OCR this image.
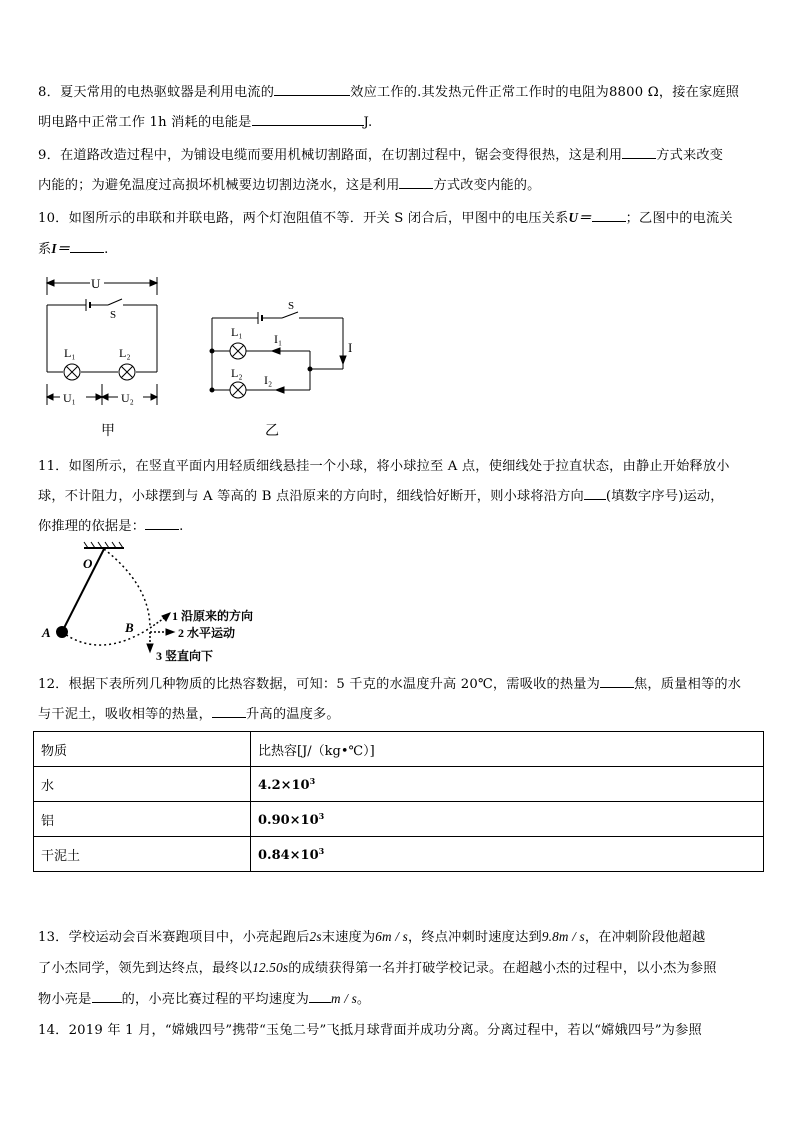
8．夏天常用的电热驱蚊器是利用电流的	效应工作的.其发热元件正常工作时的电阻为8800 Ω，接在家庭照
明电路中正常工作 1h 消耗的电能是	J.
9．在道路改造过程中，为铺设电缆而要用机械切割路面，在切割过程中，锯会变得很热，这是利用	方式来改变
内能的；为避免温度过高损坏机械要边切割边浇水，这是利用	方式改变内能的。
10．如图所示的串联和并联电路，两个灯泡阻值不等．开关 S 闭合后，甲图中的电压关系U＝	；乙图中的电流关
系I＝	.
U
S
L₁	L₂
U₁	U₂
甲
S
L₁
L₂
I₁
I₂
I
乙
11．如图所示，在竖直平面内用轻质细线悬挂一个小球，将小球拉至 A 点，使细线处于拉直状态，由静止开始释放小
球，不计阻力，小球摆到与 A 等高的 B 点沿原来的方向时，细线恰好断开，则小球将沿方向 (填数字序号)运动，
你推理的依据是：	.
O
A	B
1 沿原来的方向
2 水平运动
3 竖直向下
12．根据下表所列几种物质的比热容数据，可知：5 千克的水温度升高 20℃，需吸收的热量为	焦，质量相等的水
与干泥土，吸收相等的热量，	升高的温度多。
物质	比热容[J/（kg•℃）]
水	$4.2\times 10^3$
铝	$0.90\times 10^3$
干泥土	$0.84\times 10^3$
13．学校运动会百米赛跑项目中，小亮起跑后2s末速度为6m / s，终点冲刺时速度达到9.8m / s，在冲刺阶段他超越
了小杰同学，领先到达终点，最终以12.50s的成绩获得第一名并打破学校记录。在超越小杰的过程中，以小杰为参照
物小亮是 的，小亮比赛过程的平均速度为 m / s。
14．2019 年 1 月，“嫦娥四号”携带“玉兔二号”飞抵月球背面并成功分离。分离过程中，若以“嫦娥四号”为参照
